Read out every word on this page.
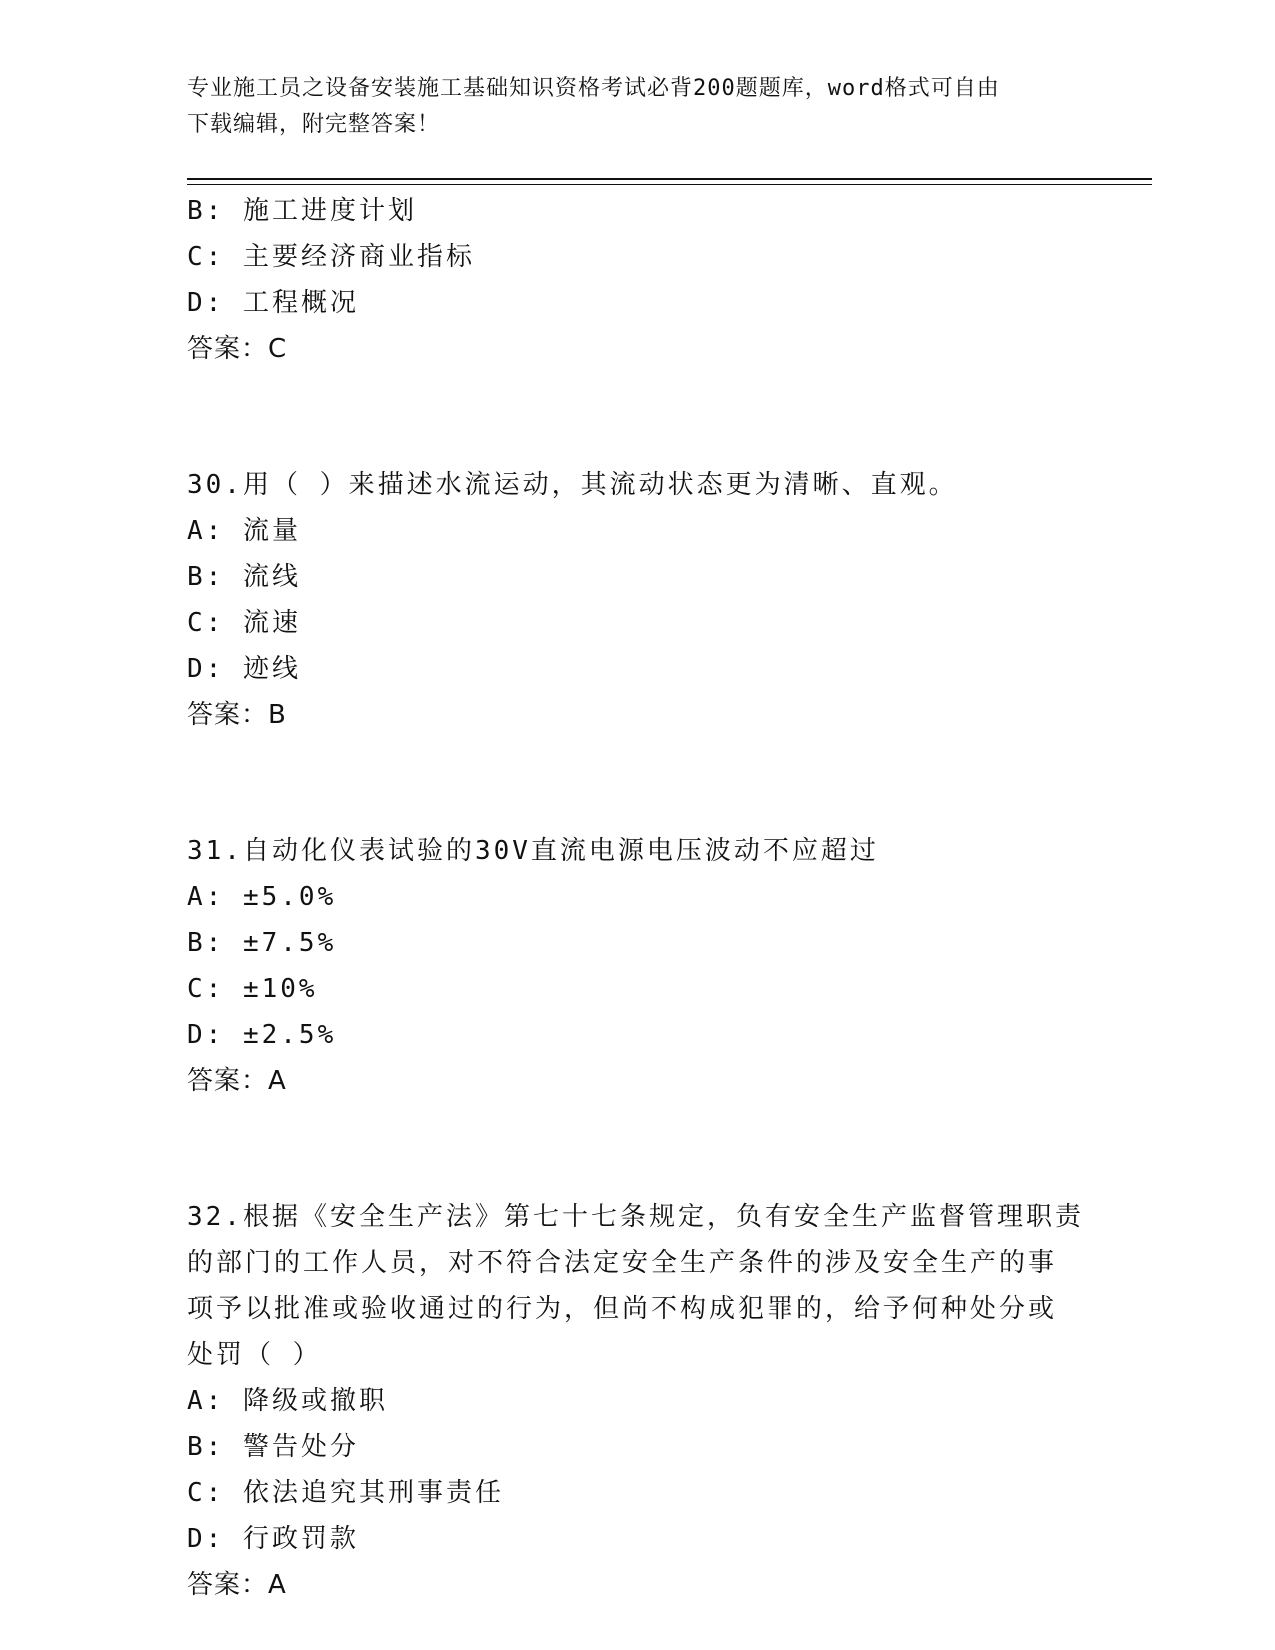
专业施工员之设备安装施工基础知识资格考试必背200题题库，word格式可自由
下载编辑，附完整答案！
B: 施工进度计划
C: 主要经济商业指标
D: 工程概况
答案：C
30.用（ ）来描述水流运动，其流动状态更为清晰、直观。
A: 流量
B: 流线
C: 流速
D: 迹线
答案：B
31.自动化仪表试验的30V直流电源电压波动不应超过
A: ±5.0%
B: ±7.5%
C: ±10%
D: ±2.5%
答案：A
32.根据《安全生产法》第七十七条规定，负有安全生产监督管理职责
的部门的工作人员，对不符合法定安全生产条件的涉及安全生产的事
项予以批准或验收通过的行为，但尚不构成犯罪的，给予何种处分或
处罚（ ）
A: 降级或撤职
B: 警告处分
C: 依法追究其刑事责任
D: 行政罚款
答案：A
